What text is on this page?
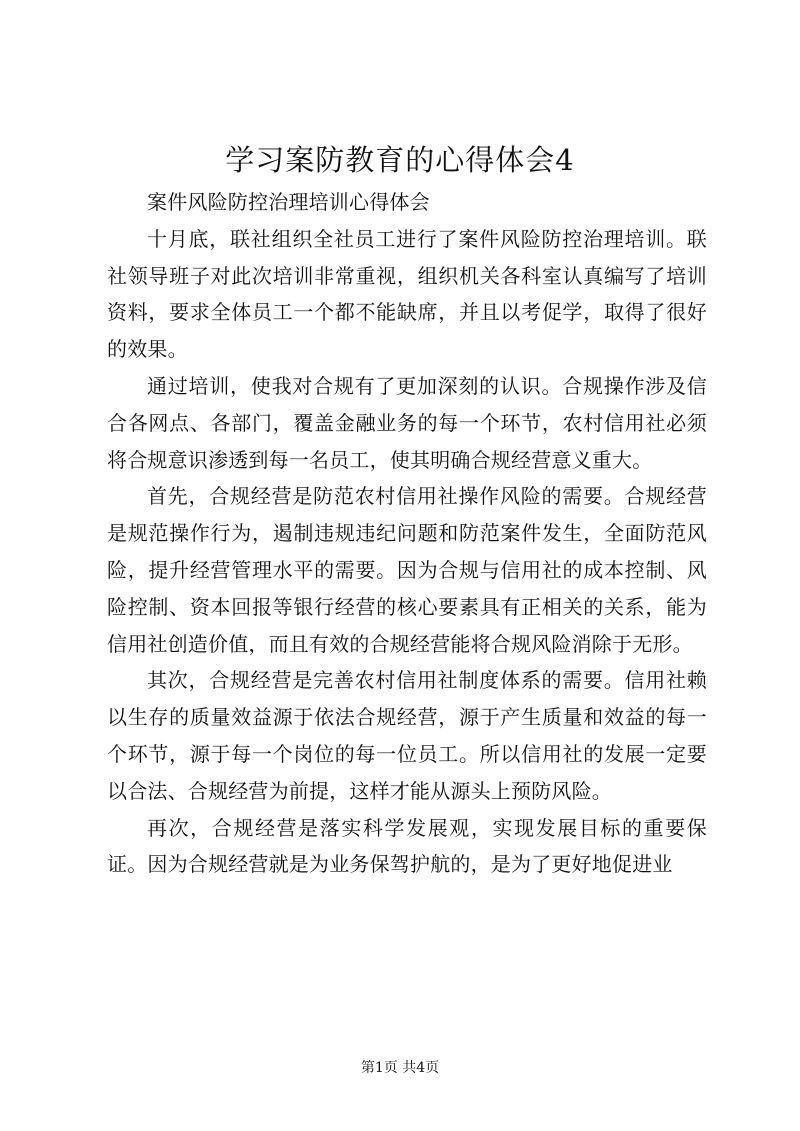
学习案防教育的心得体会4

案件风险防控治理培训心得体会

十月底，联社组织全社员工进行了案件风险防控治理培训。联社领导班子对此次培训非常重视，组织机关各科室认真编写了培训资料，要求全体员工一个都不能缺席，并且以考促学，取得了很好的效果。

通过培训，使我对合规有了更加深刻的认识。合规操作涉及信合各网点、各部门，覆盖金融业务的每一个环节，农村信用社必须将合规意识渗透到每一名员工，使其明确合规经营意义重大。

首先，合规经营是防范农村信用社操作风险的需要。合规经营是规范操作行为，遏制违规违纪问题和防范案件发生，全面防范风险，提升经营管理水平的需要。因为合规与信用社的成本控制、风险控制、资本回报等银行经营的核心要素具有正相关的关系，能为信用社创造价值，而且有效的合规经营能将合规风险消除于无形。

其次，合规经营是完善农村信用社制度体系的需要。信用社赖以生存的质量效益源于依法合规经营，源于产生质量和效益的每一个环节，源于每一个岗位的每一位员工。所以信用社的发展一定要以合法、合规经营为前提，这样才能从源头上预防风险。

再次，合规经营是落实科学发展观，实现发展目标的重要保证。因为合规经营就是为业务保驾护航的，是为了更好地促进业

第1页 共4页
